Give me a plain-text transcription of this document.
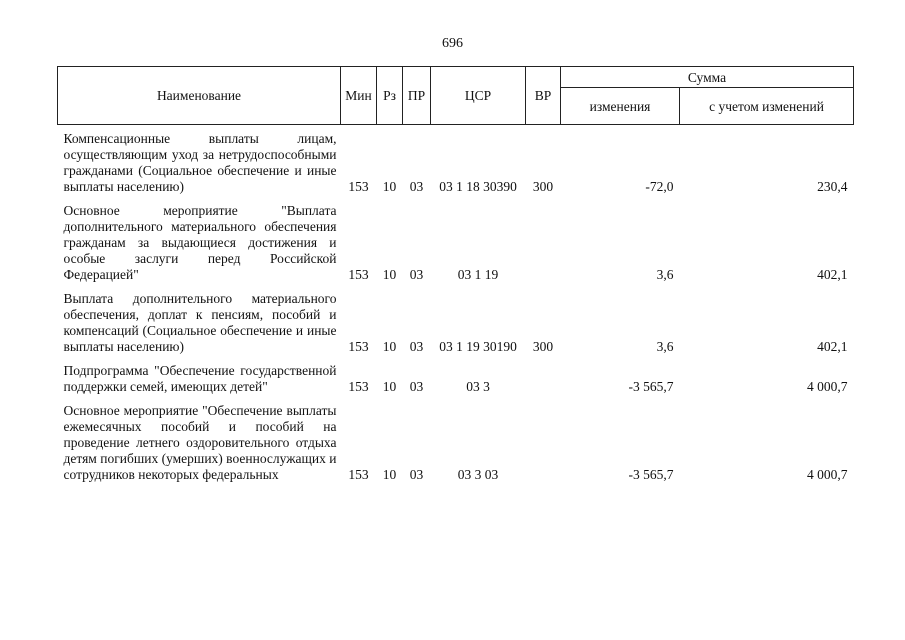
696
Наименование	Мин	Рз	ПР	ЦСР	ВР	Сумма	
						изменения	с учетом изменений
Компенсационные выплаты лицам, осуществляющим уход за нетрудоспособными гражданами (Социальное обеспечение и иные выплаты населению)	153	10	03	03 1 18 30390	300	-72,0	230,4
Основное мероприятие "Выплата дополнительного материального обеспечения гражданам за выдающиеся достижения и особые заслуги перед Российской Федерацией"	153	10	03	03 1 19		3,6	402,1
Выплата дополнительного материального обеспечения, доплат к пенсиям, пособий и компенсаций (Социальное обеспечение и иные выплаты населению)	153	10	03	03 1 19 30190	300	3,6	402,1
Подпрограмма "Обеспечение государственной поддержки семей, имеющих детей"	153	10	03	03 3		-3 565,7	4 000,7
Основное мероприятие "Обеспечение выплаты ежемесячных пособий и пособий на проведение летнего оздоровительного отдыха детям погибших (умерших) военнослужащих и сотрудников некоторых федеральных	153	10	03	03 3 03		-3 565,7	4 000,7
